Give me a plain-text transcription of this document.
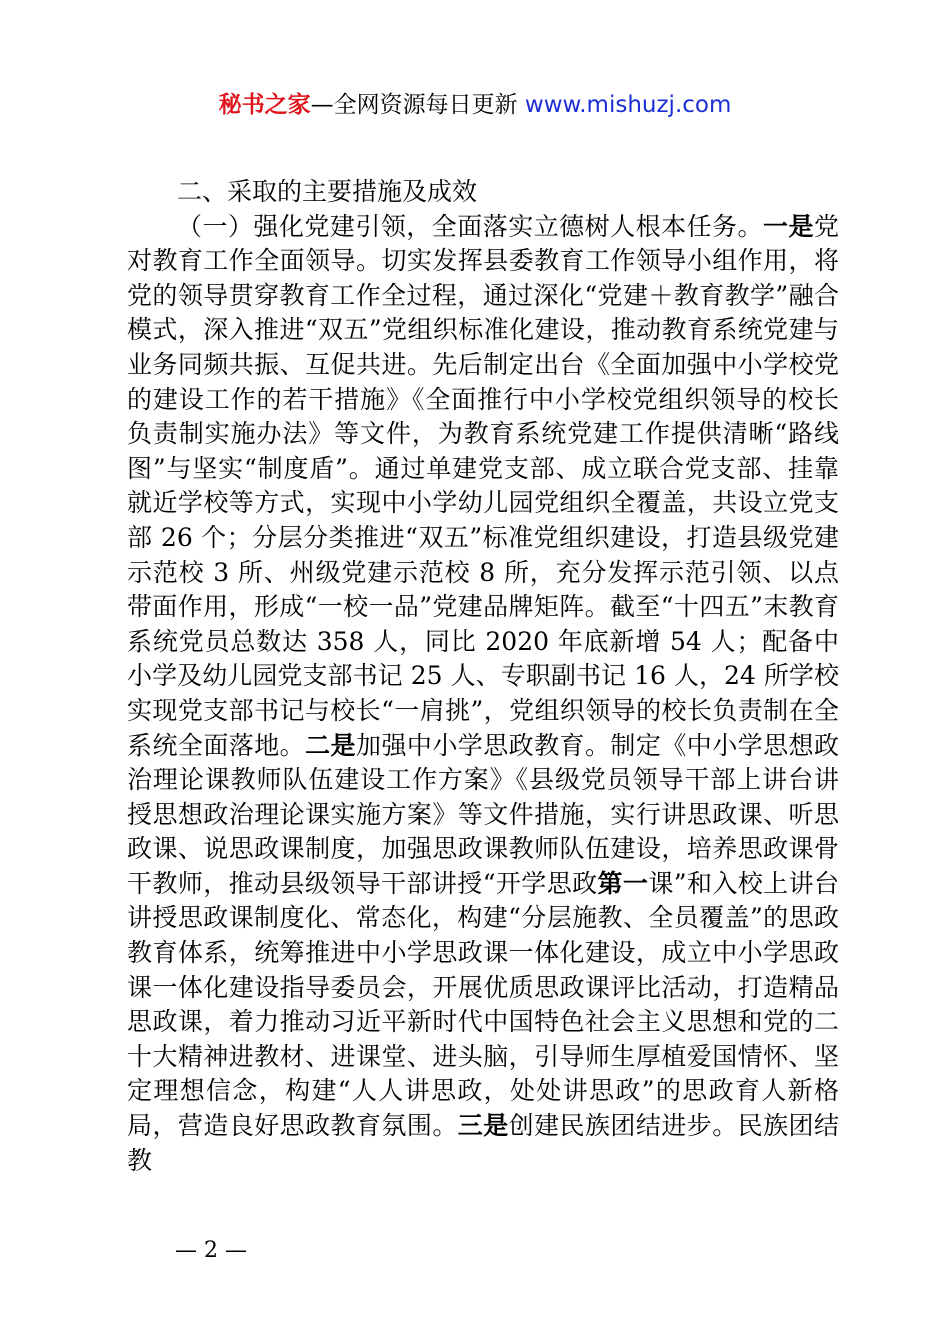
秘书之家—全网资源每日更新 www.mishuzj.com

二、采取的主要措施及成效

（一）强化党建引领，全面落实立德树人根本任务。一是党对教育工作全面领导。切实发挥县委教育工作领导小组作用，将党的领导贯穿教育工作全过程，通过深化“党建＋教育教学”融合模式，深入推进“双五”党组织标准化建设，推动教育系统党建与业务同频共振、互促共进。先后制定出台《全面加强中小学校党的建设工作的若干措施》《全面推行中小学校党组织领导的校长负责制实施办法》等文件，为教育系统党建工作提供清晰“路线图”与坚实“制度盾”。通过单建党支部、成立联合党支部、挂靠就近学校等方式，实现中小学幼儿园党组织全覆盖，共设立党支部 26 个；分层分类推进“双五”标准党组织建设，打造县级党建示范校 3 所、州级党建示范校 8 所，充分发挥示范引领、以点带面作用，形成“一校一品”党建品牌矩阵。截至“十四五”末教育系统党员总数达 358 人，同比 2020 年底新增 54 人；配备中小学及幼儿园党支部书记 25 人、专职副书记 16 人，24 所学校实现党支部书记与校长“一肩挑”，党组织领导的校长负责制在全系统全面落地。二是加强中小学思政教育。制定《中小学思想政治理论课教师队伍建设工作方案》《县级党员领导干部上讲台讲授思想政治理论课实施方案》等文件措施，实行讲思政课、听思政课、说思政课制度，加强思政课教师队伍建设，培养思政课骨干教师，推动县级领导干部讲授“开学思政第一课”和入校上讲台讲授思政课制度化、常态化，构建“分层施教、全员覆盖”的思政教育体系，统筹推进中小学思政课一体化建设，成立中小学思政课一体化建设指导委员会，开展优质思政课评比活动，打造精品思政课，着力推动习近平新时代中国特色社会主义思想和党的二十大精神进教材、进课堂、进头脑，引导师生厚植爱国情怀、坚定理想信念，构建“人人讲思政，处处讲思政”的思政育人新格局，营造良好思政教育氛围。三是创建民族团结进步。民族团结教

— 2 —
